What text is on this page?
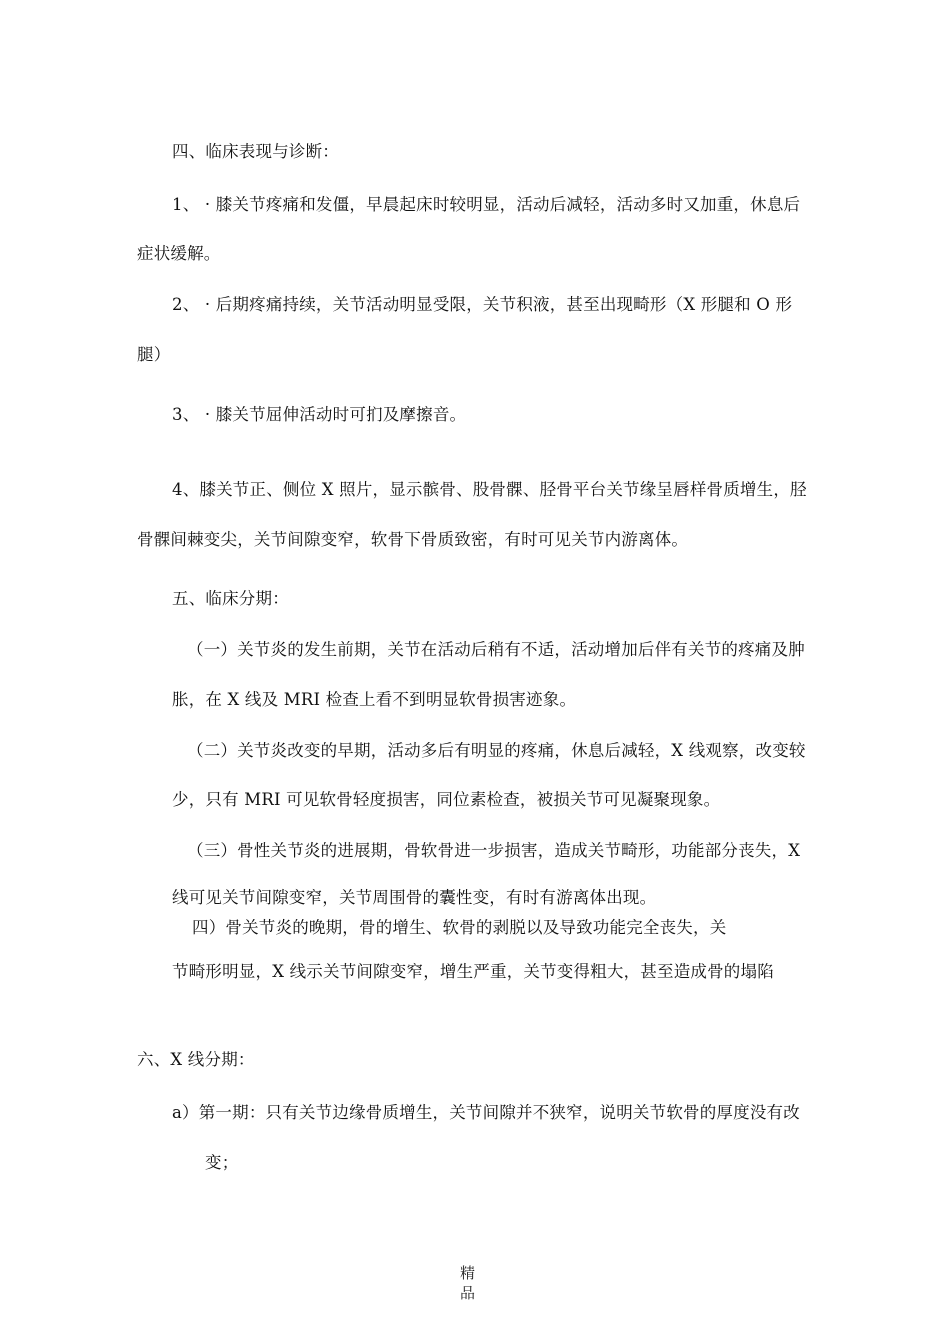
四、临床表现与诊断：
1、 · 膝关节疼痛和发僵，早晨起床时较明显，活动后减轻，活动多时又加重，休息后
症状缓解。
2、 · 后期疼痛持续，关节活动明显受限，关节积液，甚至出现畸形（X 形腿和 O 形
腿）
3、 · 膝关节屈伸活动时可扪及摩擦音。
4、膝关节正、侧位 X 照片，显示髌骨、股骨髁、胫骨平台关节缘呈唇样骨质增生，胫
骨髁间棘变尖，关节间隙变窄，软骨下骨质致密，有时可见关节内游离体。
五、临床分期：
（一）关节炎的发生前期，关节在活动后稍有不适，活动增加后伴有关节的疼痛及肿
胀，在 X 线及 MRI 检查上看不到明显软骨损害迹象。
（二）关节炎改变的早期，活动多后有明显的疼痛，休息后减轻，X 线观察，改变较
少，只有 MRI 可见软骨轻度损害，同位素检查，被损关节可见凝聚现象。
（三）骨性关节炎的进展期，骨软骨进一步损害，造成关节畸形，功能部分丧失，X
线可见关节间隙变窄，关节周围骨的囊性变，有时有游离体出现。
四）骨关节炎的晚期，骨的增生、软骨的剥脱以及导致功能完全丧失，关
节畸形明显，X 线示关节间隙变窄，增生严重，关节变得粗大，甚至造成骨的塌陷
六、X 线分期：
a）第一期：只有关节边缘骨质增生，关节间隙并不狭窄，说明关节软骨的厚度没有改
变；
精
品
